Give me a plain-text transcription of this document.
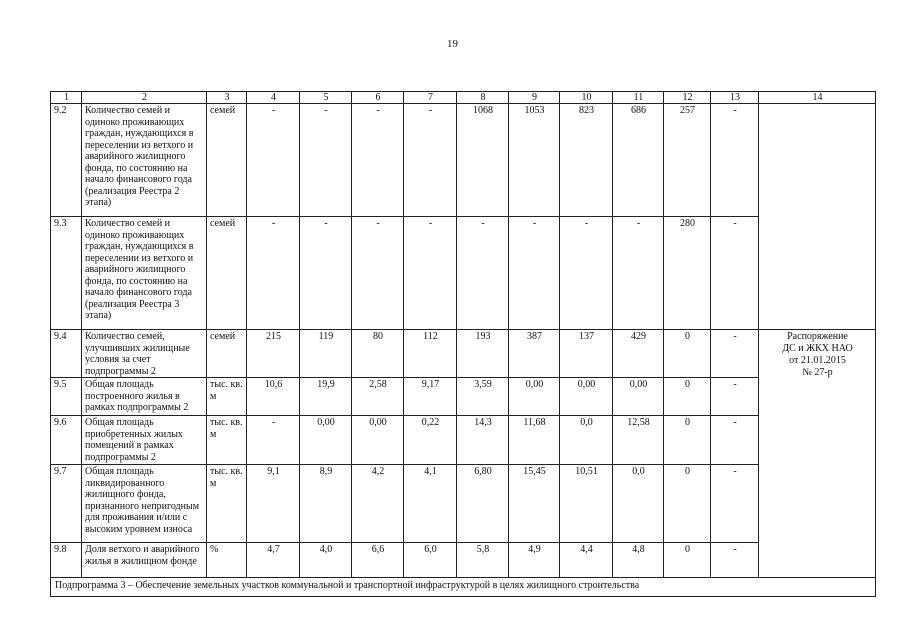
19
1	2	3	4	5	6	7	8	9	10	11	12	13	14
9.2	Количество семей и одиноко проживающих граждан, нуждающихся в переселении из ветхого и аварийного жилищного фонда, по состоянию на начало финансового года (реализация Реестра 2 этапа)	семей	-	-	-	-	1068	1053	823	686	257	-	
9.3	Количество семей и одиноко проживающих граждан, нуждающихся в переселении из ветхого и аварийного жилищного фонда, по состоянию на начало финансового года (реализация Реестра 3 этапа)	семей	-	-	-	-	-	-	-	-	280	-	
9.4	Количество семей, улучшивших жилищные условия за счет подпрограммы 2	семей	215	119	80	112	193	387	137	429	0	-	Распоряжение
ДС и ЖКХ НАО
от 21.01.2015
№ 27-р

9.5	Общая площадь построенного жилья в рамках подпрограммы 2	тыс. кв. м	10,6	19,9	2,58	9,17	3,59	0,00	0,00	0,00	0	-	
9.6	Общая площадь приобретенных жилых помещений в рамках подпрограммы 2	тыс. кв. м	-	0,00	0,00	0,22	14,3	11,68	0,0	12,58	0	-	
9.7	Общая площадь ликвидированного жилищного фонда, признанного непригодным для проживания и/или с высоким уровнем износа	тыс. кв. м	9,1	8,9	4,2	4,1	6,80	15,45	10,51	0,0	0	-	
9.8	Доля ветхого и аварийного жилья в жилищном фонде	%	4,7	4,0	6,6	6,0	5,8	4,9	4,4	4,8	0	-	
Подпрограмма 3 – Обеспечение земельных участков коммунальной и транспортной инфраструктурой в целях жилищного строительства													
